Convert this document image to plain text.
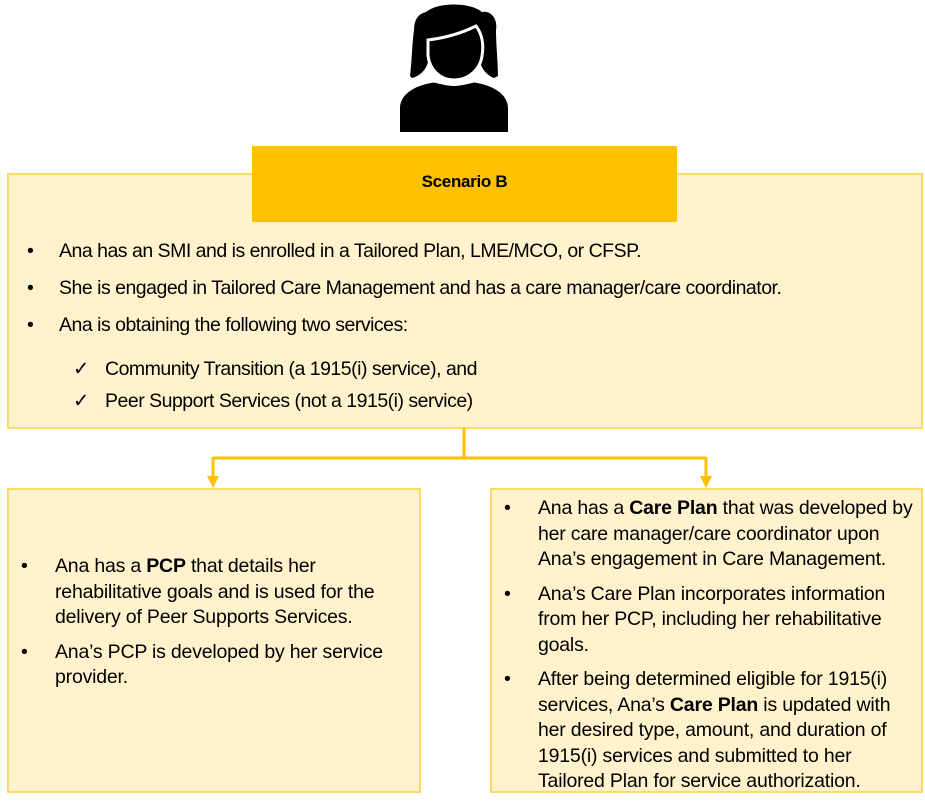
• Ana has an SMI and is enrolled in a Tailored Plan, LME/MCO, or CFSP.
• She is engaged in Tailored Care Management and has a care manager/care coordinator.
• Ana is obtaining the following two services:
✓ Community Transition (a 1915(i) service), and
✓ Peer Support Services (not a 1915(i) service)
Scenario B
• Ana has a PCP that details her rehabilitative goals and is used for the delivery of Peer Supports Services.
• Ana’s PCP is developed by her service provider.
• Ana has a Care Plan that was developed by her care manager/care coordinator upon Ana’s engagement in Care Management.
• Ana’s Care Plan incorporates information from her PCP, including her rehabilitative goals.
• After being determined eligible for 1915(i) services, Ana’s Care Plan is updated with her desired type, amount, and duration of 1915(i) services and submitted to her Tailored Plan for service authorization.
